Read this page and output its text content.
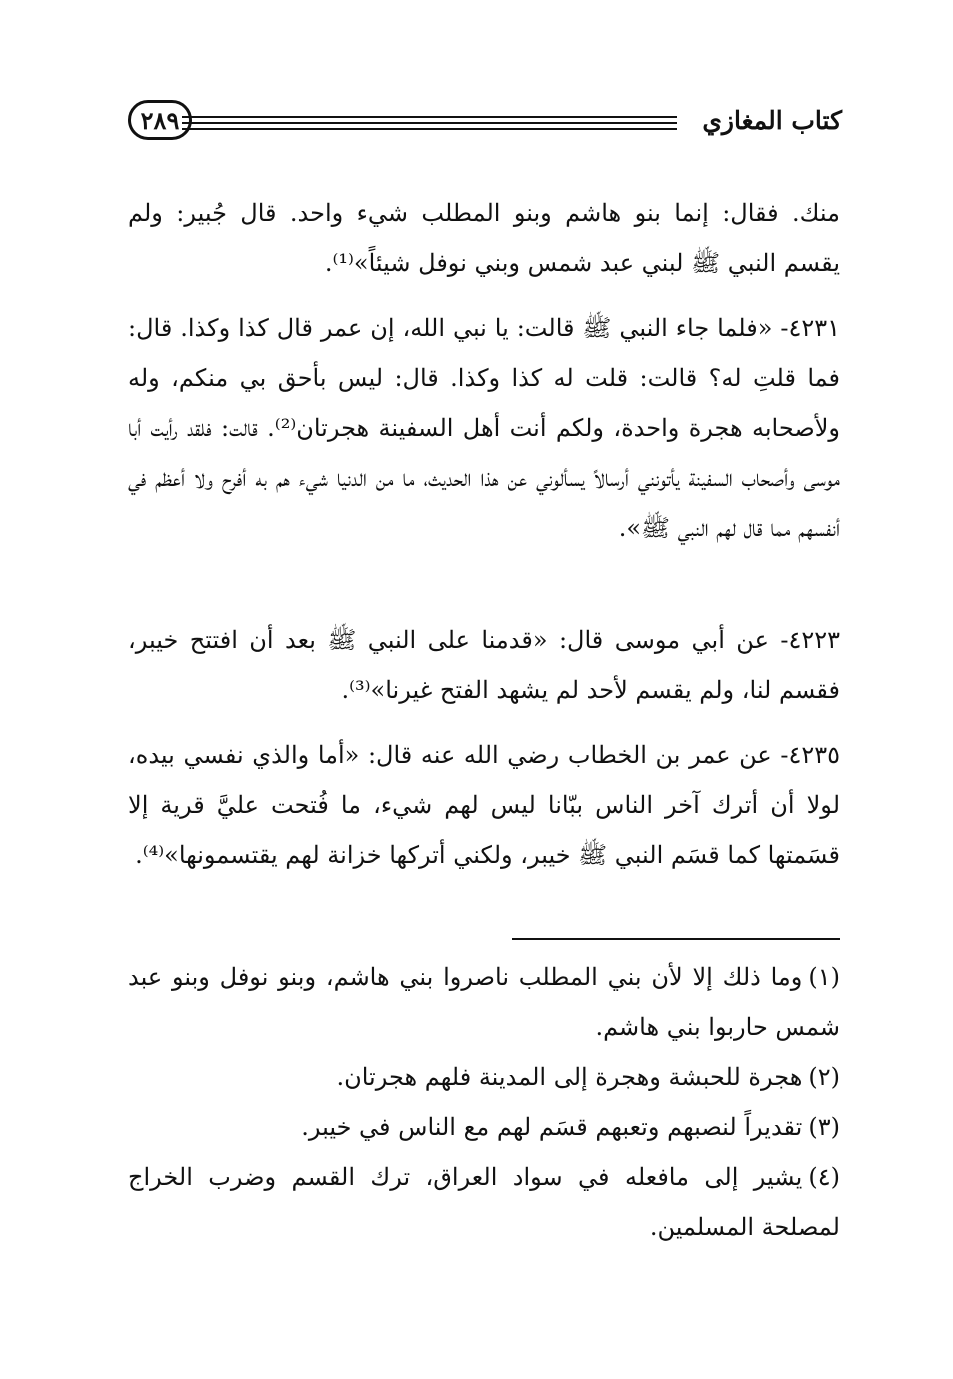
٢٨٩	كتاب المغازي

منك. فقال: إنما بنو هاشم وبنو المطلب شيء واحد. قال جُبير: ولم يقسم النبي ﷺ لبني عبد شمس وبني نوفل شيئاً»⁽¹⁾.

٤٢٣١- «فلما جاء النبي ﷺ قالت: يا نبي الله، إن عمر قال كذا وكذا. قال: فما قلتِ له؟ قالت: قلت له كذا وكذا. قال: ليس بأحق بي منكم، وله ولأصحابه هجرة واحدة، ولكم أنت أهل السفينة هجرتان⁽²⁾. قالت: فلقد رأيت أبا موسى وأصحاب السفينة يأتونني أرسالاً يسألوني عن هذا الحديث، ما من الدنيا شيء هم به أفرح ولا أعظم في أنفسهم مما قال لهم النبي ﷺ».

٤٢٢٣- عن أبي موسى قال: «قدمنا على النبي ﷺ بعد أن افتتح خيبر، فقسم لنا، ولم يقسم لأحد لم يشهد الفتح غيرنا»⁽³⁾.

٤٢٣٥- عن عمر بن الخطاب رضي الله عنه قال: «أما والذي نفسي بيده، لولا أن أترك آخر الناس ببّانا ليس لهم شيء، ما فُتحت عليَّ قرية إلا قسَمتها كما قسَم النبي ﷺ خيبر، ولكني أتركها خزانة لهم يقتسمونها»⁽⁴⁾.

(١)وما ذلك إلا لأن بني المطلب ناصروا بني هاشم، وبنو نوفل وبنو عبد شمس حاربوا بني هاشم.

(٢)هجرة للحبشة وهجرة إلى المدينة فلهم هجرتان.

(٣)تقديراً لنصبهم وتعبهم قسَم لهم مع الناس في خيبر.

(٤)يشير إلى مافعله في سواد العراق، ترك القسم وضرب الخراج لمصلحة المسلمين.
